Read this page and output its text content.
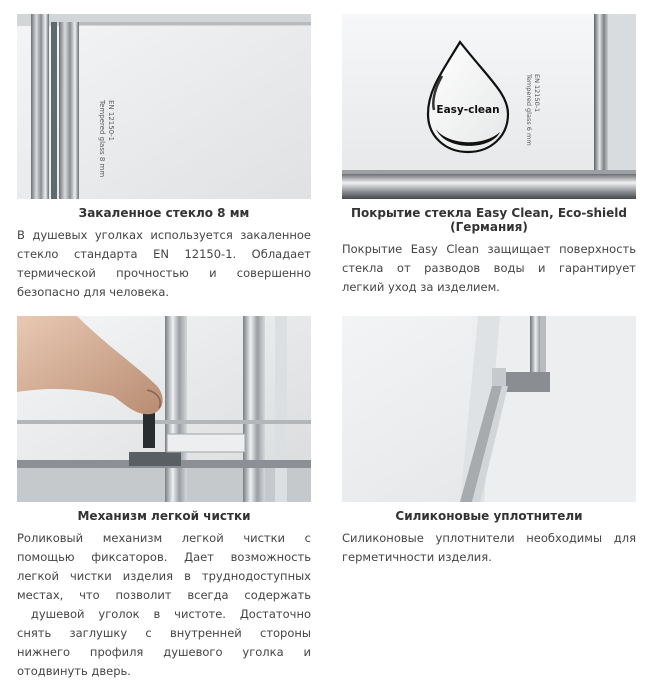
EN 12150-1
Tempered glass 8 mm
Закаленное стекло 8 мм
В душевых уголках используется закаленное
стекло стандарта EN 12150-1. Обладает
термической прочностью и совершенно
безопасно для человека.
Easy-clean	EN 12150-1
Tempered glass 6 mm
Покрытие стекла Easy Clean, Eco-shield
(Германия)
Покрытие Easy Clean защищает поверхность
стекла от разводов воды и гарантирует
легкий уход за изделием.
Механизм легкой чистки
Роликовый механизм легкой чистки с
помощью фиксаторов. Дает возможность
легкой чистки изделия в труднодоступных
местах, что позволит всегда содержать
душевой уголок в чистоте. Достаточно
снять заглушку с внутренней стороны
нижнего профиля душевого уголка и
отодвинуть дверь.
Силиконовые уплотнители
Силиконовые уплотнители необходимы для
герметичности изделия.
